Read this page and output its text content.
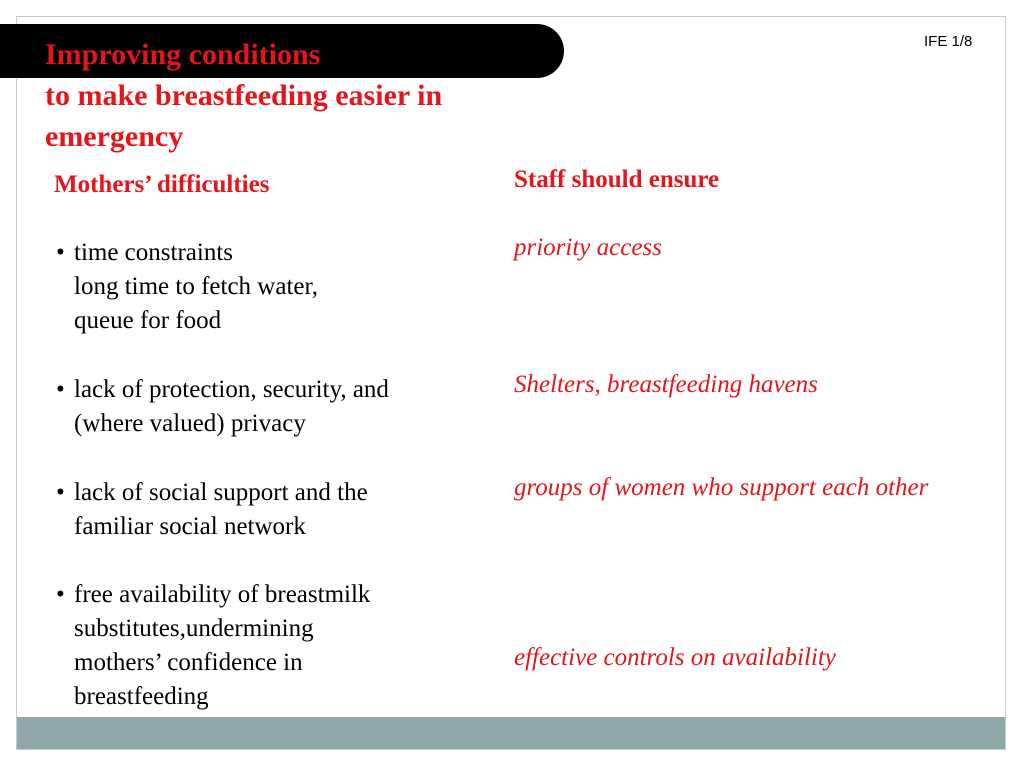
Improving conditions
to make breastfeeding easier in
emergency
IFE 1/8
Mothers’ difficulties
• time constraints
long time to fetch water,
queue for food
• lack of protection, security, and
(where valued) privacy
• lack of social support and the
familiar social network
• free availability of breastmilk
substitutes,undermining
mothers’ confidence in
breastfeeding
Staff should ensure

priority access

Shelters, breastfeeding havens

groups of women who support each other

effective controls on availability
